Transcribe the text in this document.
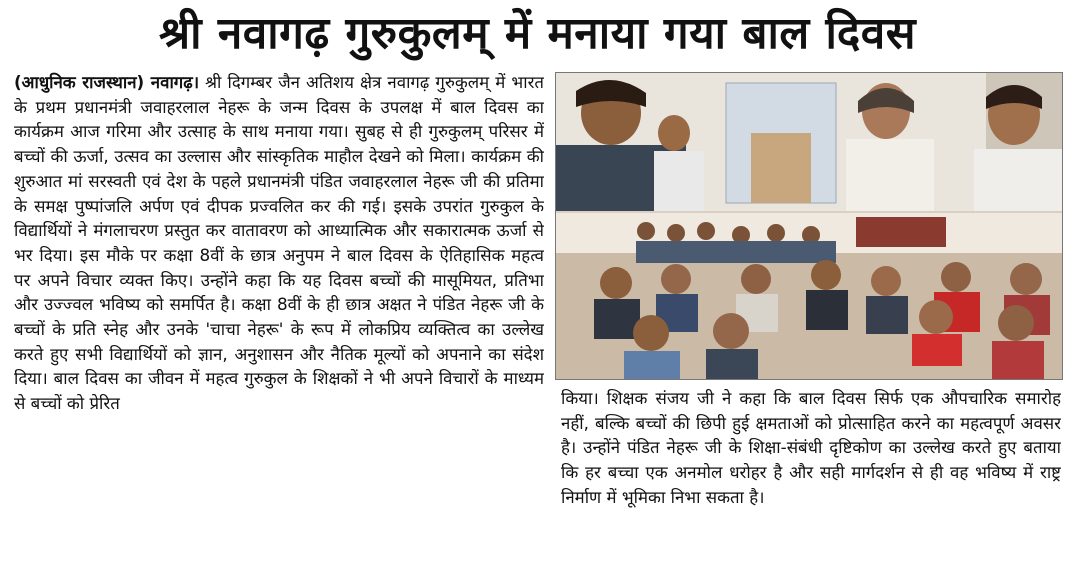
श्री नवागढ़ गुरुकुलम् में मनाया गया बाल दिवस

(आधुनिक राजस्थान) नवागढ़। श्री दिगम्बर जैन अतिशय क्षेत्र नवागढ़ गुरुकुलम् में भारत के प्रथम प्रधानमंत्री जवाहरलाल नेहरू के जन्म दिवस के उपलक्ष में बाल दिवस का कार्यक्रम आज गरिमा और उत्साह के साथ मनाया गया। सुबह से ही गुरुकुलम् परिसर में बच्चों की ऊर्जा, उत्सव का उल्लास और सांस्कृतिक माहौल देखने को मिला। कार्यक्रम की शुरुआत मां सरस्वती एवं देश के पहले प्रधानमंत्री पंडित जवाहरलाल नेहरू जी की प्रतिमा के समक्ष पुष्पांजलि अर्पण एवं दीपक प्रज्वलित कर की गई। इसके उपरांत गुरुकुल के विद्यार्थियों ने मंगलाचरण प्रस्तुत कर वातावरण को आध्यात्मिक और सकारात्मक ऊर्जा से भर दिया। इस मौके पर कक्षा 8वीं के छात्र अनुपम ने बाल दिवस के ऐतिहासिक महत्व पर अपने विचार व्यक्त किए। उन्होंने कहा कि यह दिवस बच्चों की मासूमियत, प्रतिभा और उज्ज्वल भविष्य को समर्पित है। कक्षा 8वीं के ही छात्र अक्षत ने पंडित नेहरू जी के बच्चों के प्रति स्नेह और उनके 'चाचा नेहरू' के रूप में लोकप्रिय व्यक्तित्व का उल्लेख करते हुए सभी विद्यार्थियों को ज्ञान, अनुशासन और नैतिक मूल्यों को अपनाने का संदेश दिया। बाल दिवस का जीवन में महत्व गुरुकुल के शिक्षकों ने भी अपने विचारों के माध्यम से बच्चों को प्रेरित	किया। शिक्षक संजय जी ने कहा कि बाल दिवस सिर्फ एक औपचारिक समारोह नहीं, बल्कि बच्चों की छिपी हुई क्षमताओं को प्रोत्साहित करने का महत्वपूर्ण अवसर है। उन्होंने पंडित नेहरू जी के शिक्षा-संबंधी दृष्टिकोण का उल्लेख करते हुए बताया कि हर बच्चा एक अनमोल धरोहर है और सही मार्गदर्शन से ही वह भविष्य में राष्ट्र निर्माण में भूमिका निभा सकता है।
